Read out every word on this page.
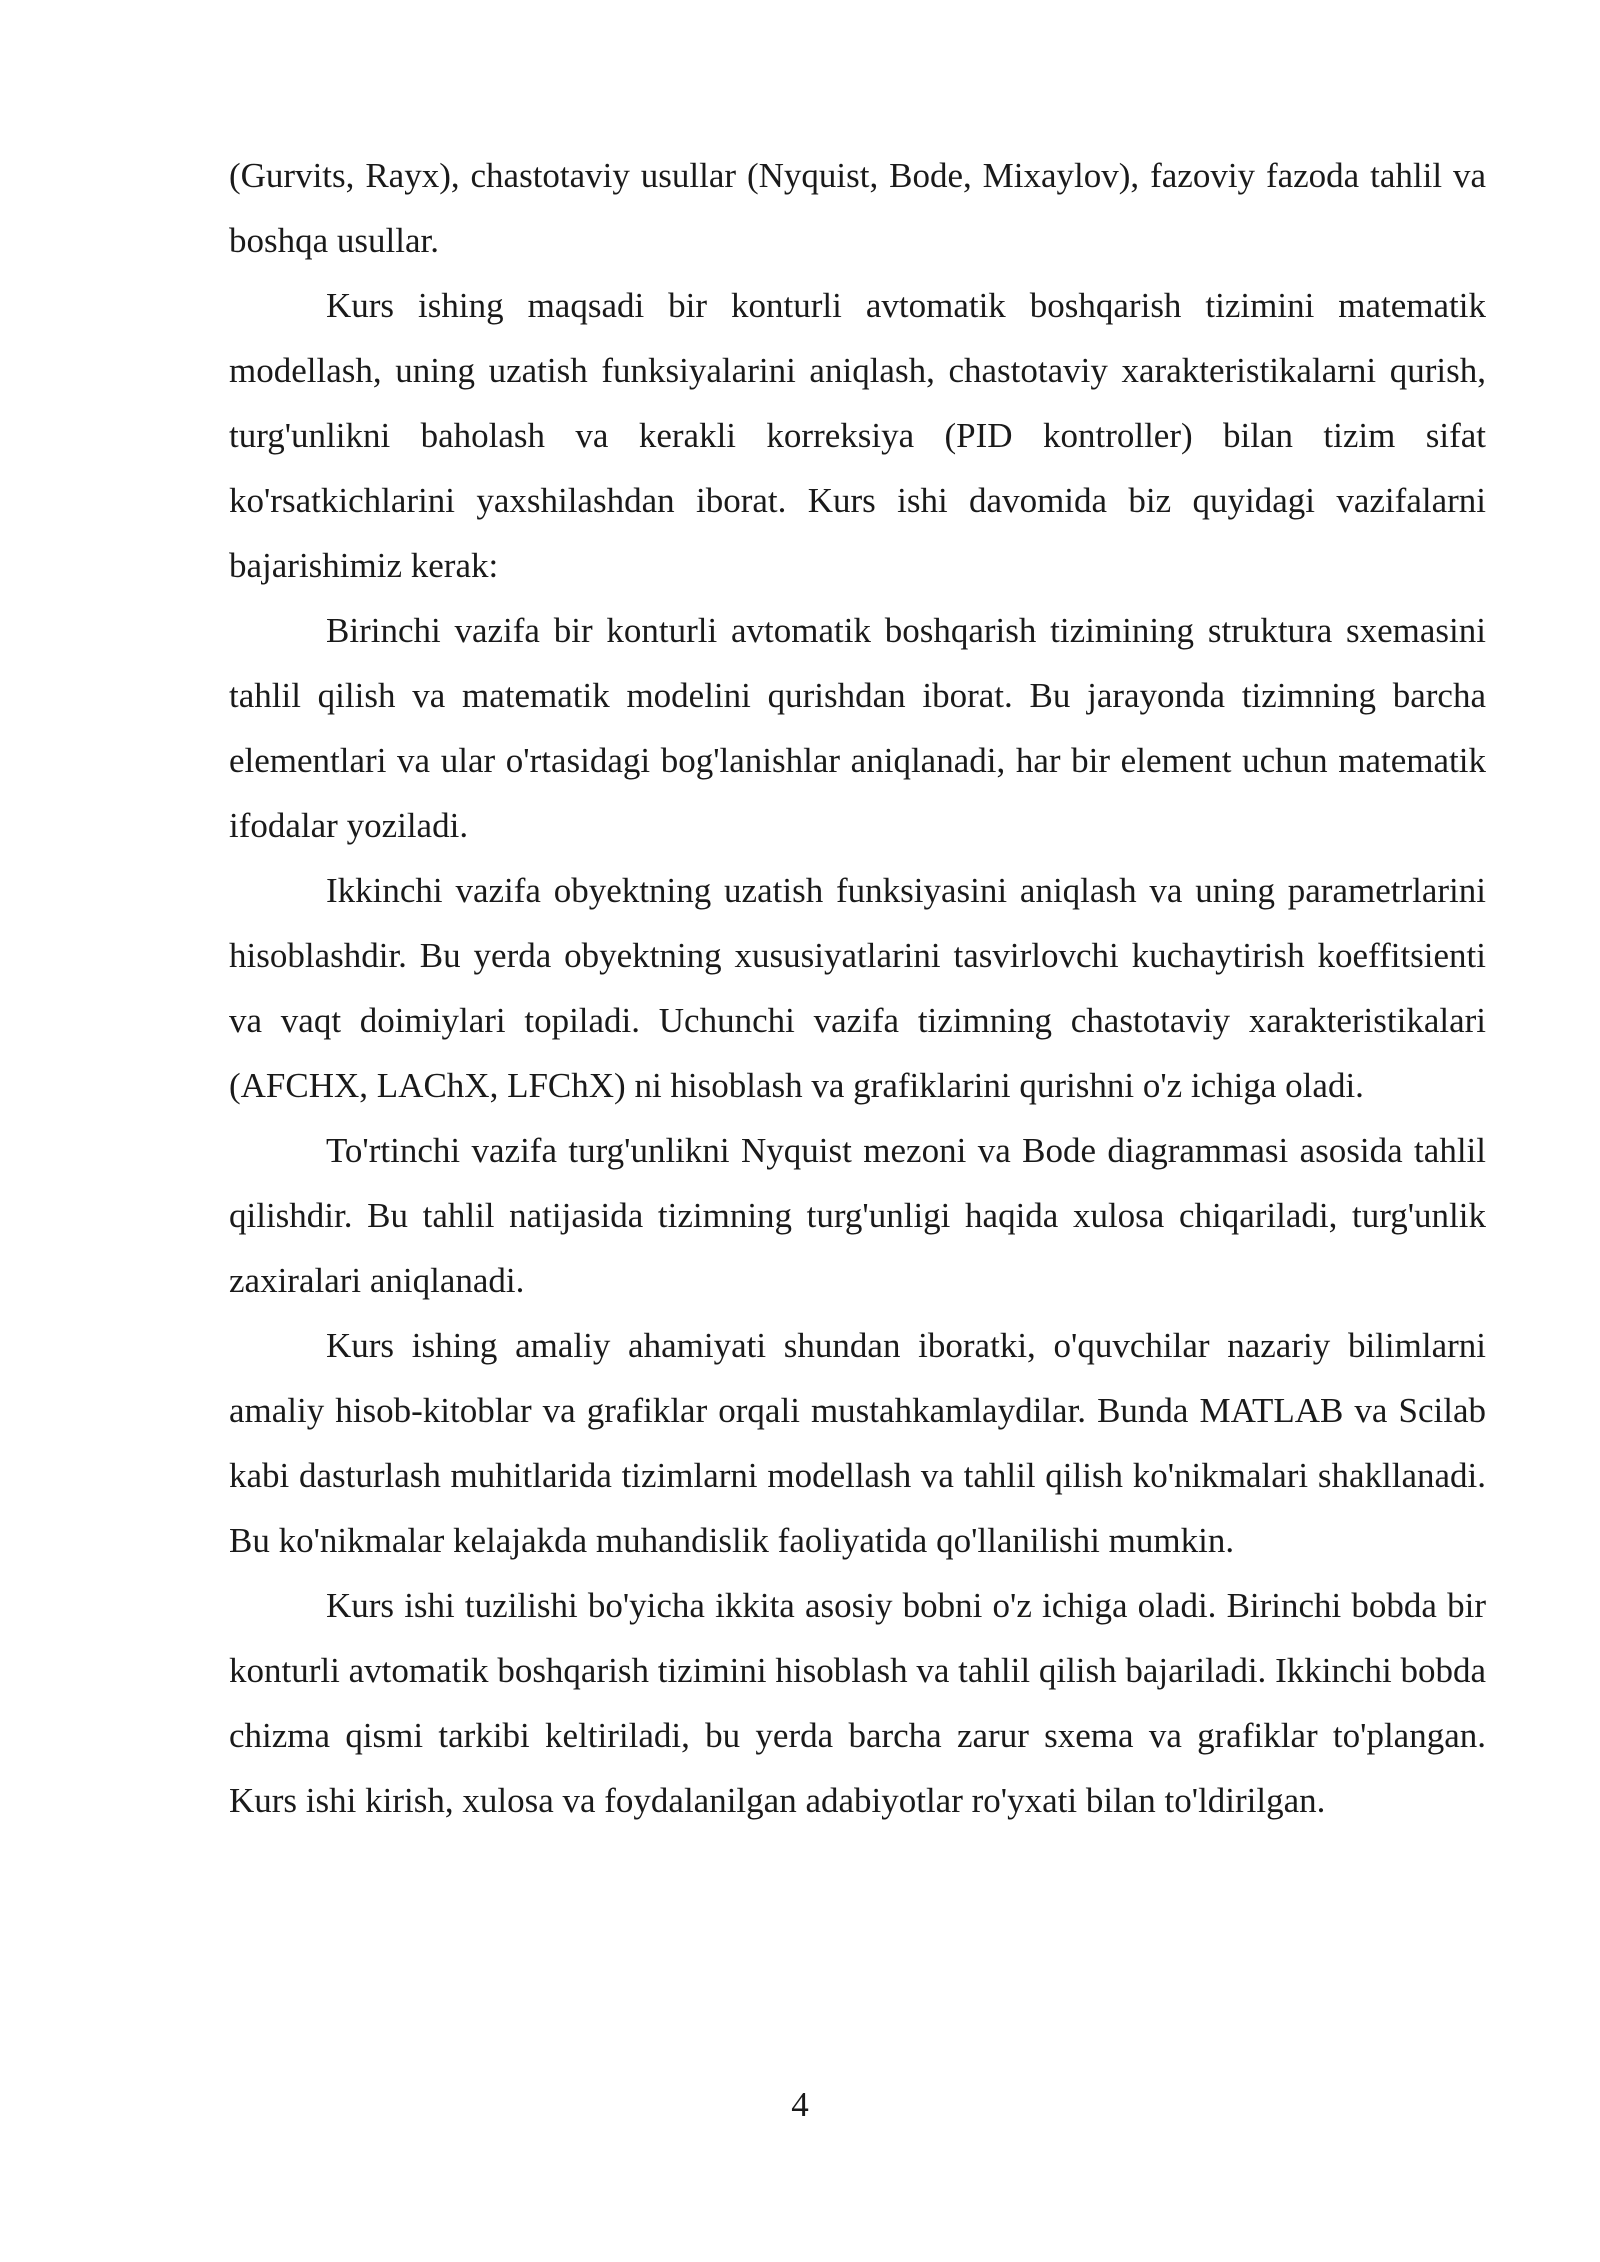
(Gurvits, Rayx), chastotaviy usullar (Nyquist, Bode, Mixaylov), fazoviy fazoda tahlil va boshqa usullar.

Kurs ishing maqsadi bir konturli avtomatik boshqarish tizimini matematik modellash, uning uzatish funksiyalarini aniqlash, chastotaviy xarakteristikalarni qurish, turg'unlikni baholash va kerakli korreksiya (PID kontroller) bilan tizim sifat ko'rsatkichlarini yaxshilashdan iborat. Kurs ishi davomida biz quyidagi vazifalarni bajarishimiz kerak:

Birinchi vazifa bir konturli avtomatik boshqarish tizimining struktura sxemasini tahlil qilish va matematik modelini qurishdan iborat. Bu jarayonda tizimning barcha elementlari va ular o'rtasidagi bog'lanishlar aniqlanadi, har bir element uchun matematik ifodalar yoziladi.

Ikkinchi vazifa obyektning uzatish funksiyasini aniqlash va uning parametrlarini hisoblashdir. Bu yerda obyektning xususiyatlarini tasvirlovchi kuchaytirish koeffitsienti va vaqt doimiylari topiladi. Uchunchi vazifa tizimning chastotaviy xarakteristikalari (AFCHX, LAChX, LFChX) ni hisoblash va grafiklarini qurishni o'z ichiga oladi.

To'rtinchi vazifa turg'unlikni Nyquist mezoni va Bode diagrammasi asosida tahlil qilishdir. Bu tahlil natijasida tizimning turg'unligi haqida xulosa chiqariladi, turg'unlik zaxiralari aniqlanadi.

Kurs ishing amaliy ahamiyati shundan iboratki, o'quvchilar nazariy bilimlarni amaliy hisob-kitoblar va grafiklar orqali mustahkamlaydilar. Bunda MATLAB va Scilab kabi dasturlash muhitlarida tizimlarni modellash va tahlil qilish ko'nikmalari shakllanadi. Bu ko'nikmalar kelajakda muhandislik faoliyatida qo'llanilishi mumkin.

Kurs ishi tuzilishi bo'yicha ikkita asosiy bobni o'z ichiga oladi. Birinchi bobda bir konturli avtomatik boshqarish tizimini hisoblash va tahlil qilish bajariladi. Ikkinchi bobda chizma qismi tarkibi keltiriladi, bu yerda barcha zarur sxema va grafiklar to'plangan. Kurs ishi kirish, xulosa va foydalanilgan adabiyotlar ro'yxati bilan to'ldirilgan.

4
